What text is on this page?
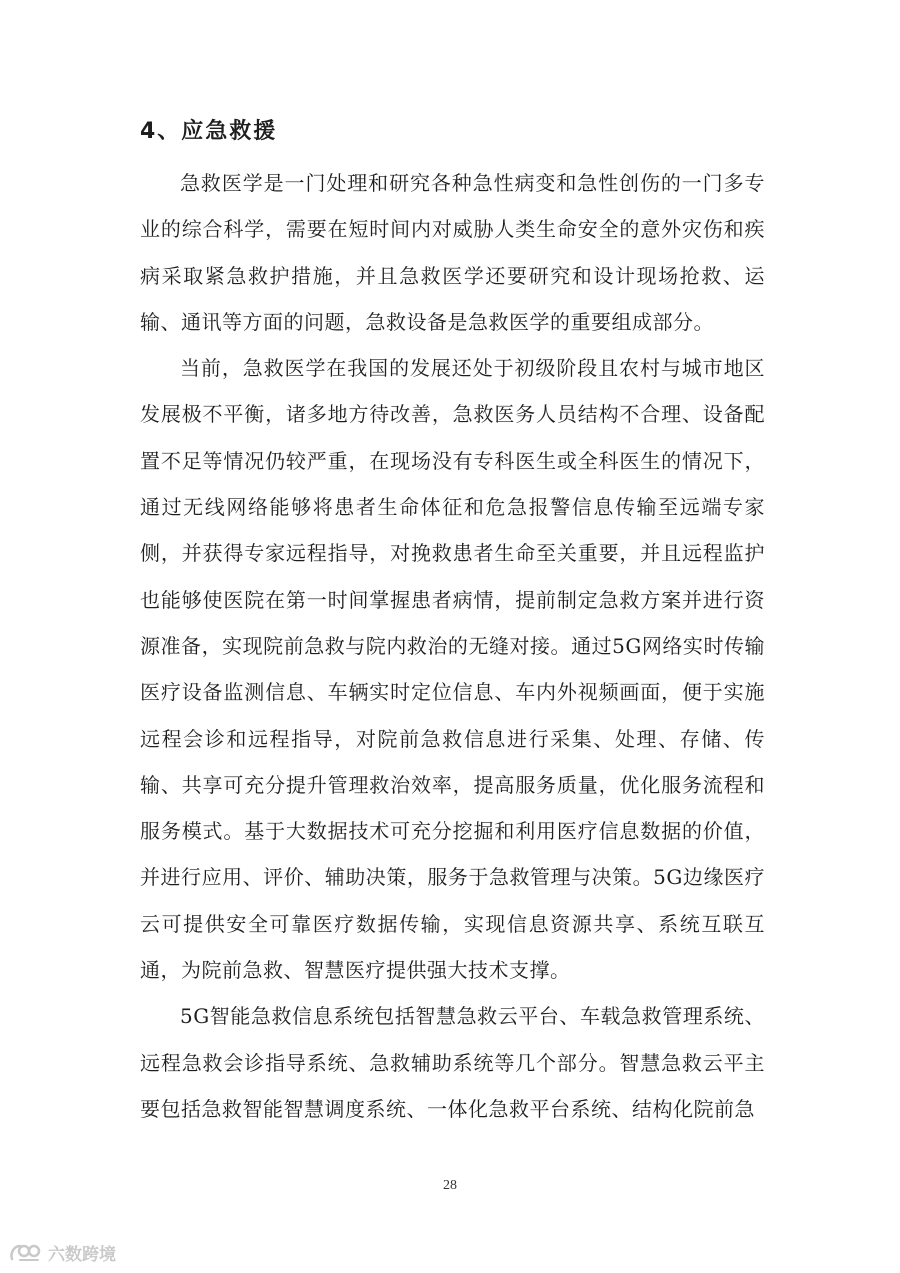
4、应急救援

急救医学是一门处理和研究各种急性病变和急性创伤的一门多专业的综合科学，需要在短时间内对威胁人类生命安全的意外灾伤和疾病采取紧急救护措施，并且急救医学还要研究和设计现场抢救、运输、通讯等方面的问题，急救设备是急救医学的重要组成部分。

当前，急救医学在我国的发展还处于初级阶段且农村与城市地区发展极不平衡，诸多地方待改善，急救医务人员结构不合理、设备配置不足等情况仍较严重，在现场没有专科医生或全科医生的情况下，通过无线网络能够将患者生命体征和危急报警信息传输至远端专家侧，并获得专家远程指导，对挽救患者生命至关重要，并且远程监护也能够使医院在第一时间掌握患者病情，提前制定急救方案并进行资源准备，实现院前急救与院内救治的无缝对接。通过5G网络实时传输医疗设备监测信息、车辆实时定位信息、车内外视频画面，便于实施远程会诊和远程指导，对院前急救信息进行采集、处理、存储、传输、共享可充分提升管理救治效率，提高服务质量，优化服务流程和服务模式。基于大数据技术可充分挖掘和利用医疗信息数据的价值，并进行应用、评价、辅助决策，服务于急救管理与决策。5G边缘医疗云可提供安全可靠医疗数据传输，实现信息资源共享、系统互联互通，为院前急救、智慧医疗提供强大技术支撑。

5G智能急救信息系统包括智慧急救云平台、车载急救管理系统、远程急救会诊指导系统、急救辅助系统等几个部分。智慧急救云平主要包括急救智能智慧调度系统、一体化急救平台系统、结构化院前急

28
六数跨境
